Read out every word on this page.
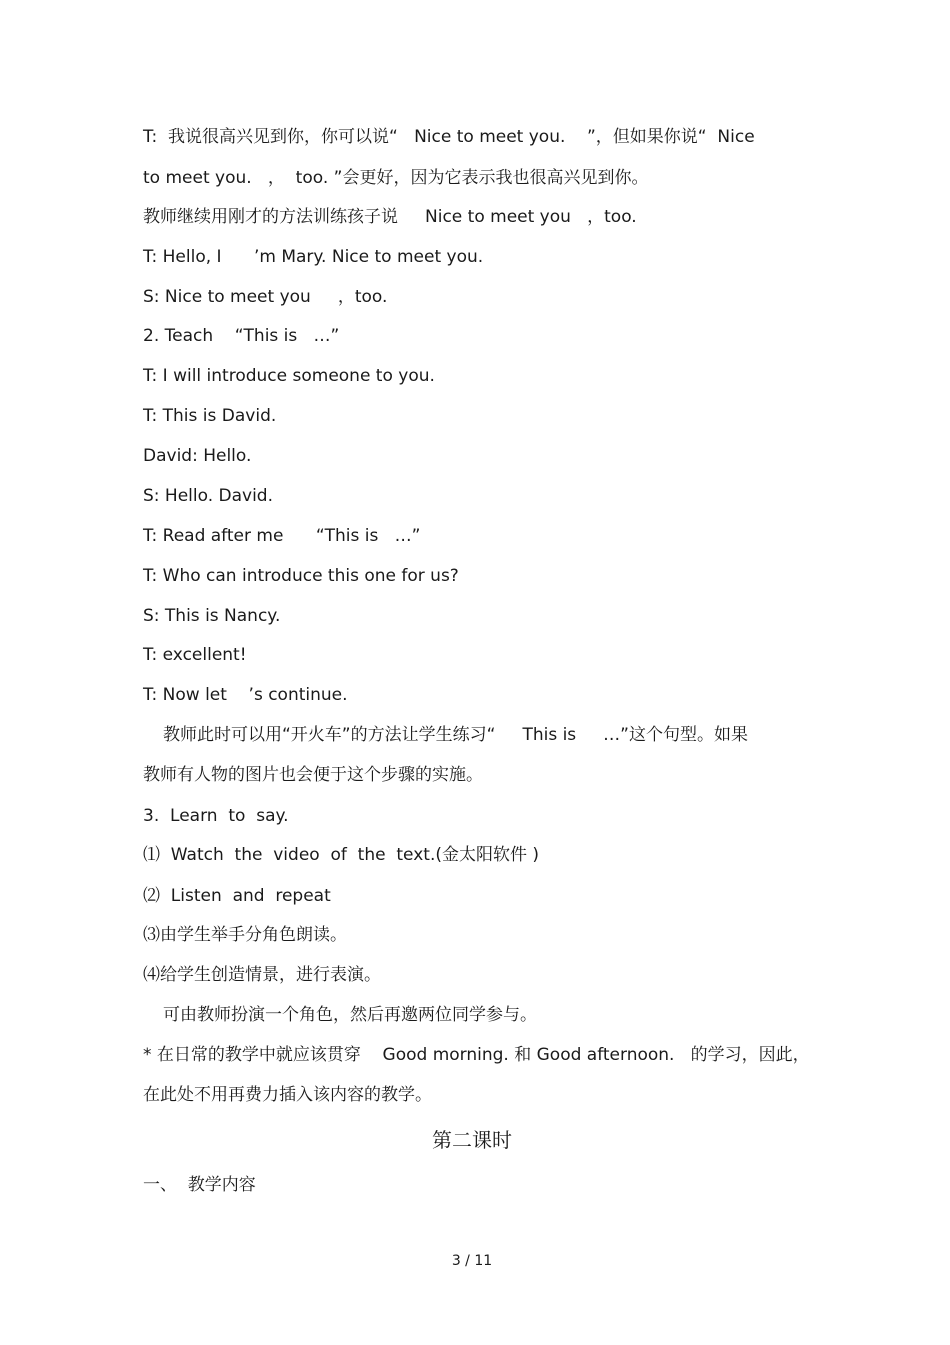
T:  我说很高兴见到你，你可以说“   Nice to meet you.    ”，但如果你说“  Nice
to meet you.   ，  too. ”会更好，因为它表示我也很高兴见到你。
教师继续用刚才的方法训练孩子说     Nice to meet you   ，too.
T: Hello, I      ’m Mary. Nice to meet you.
S: Nice to meet you     ，too.
2. Teach    “This is   …”
T: I will introduce someone to you.
T: This is David.
David: Hello.
S: Hello. David.
T: Read after me      “This is   …”
T: Who can introduce this one for us?
S: This is Nancy.
T: excellent!
T: Now let    ’s continue.
教师此时可以用“开火车”的方法让学生练习“     This is     …”这个句型。如果
教师有人物的图片也会便于这个步骤的实施。
3.  Learn  to  say.
⑴  Watch  the  video  of  the  text.(金太阳软件 )
⑵  Listen  and  repeat
⑶由学生举手分角色朗读。
⑷给学生创造情景，进行表演。
可由教师扮演一个角色，然后再邀两位同学参与。
* 在日常的教学中就应该贯穿    Good morning. 和 Good afternoon.   的学习，因此，
在此处不用再费力插入该内容的教学。
第二课时
一、  教学内容
3 / 11
